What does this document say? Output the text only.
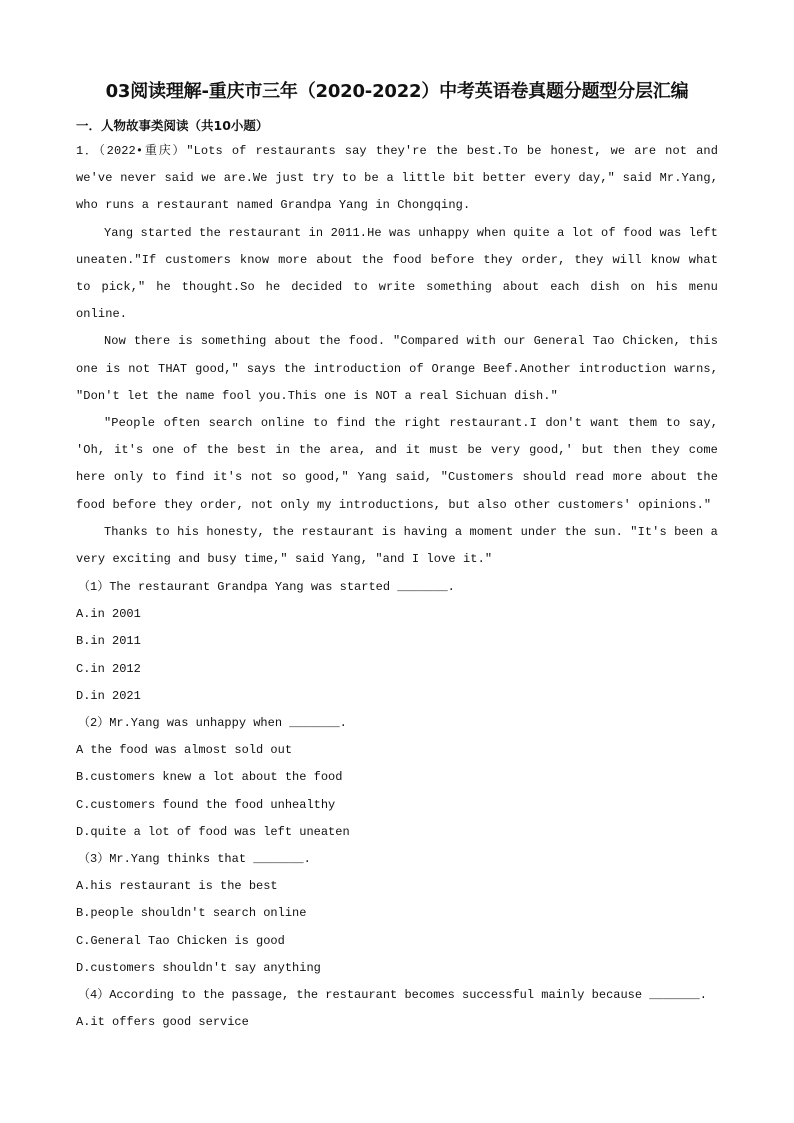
03阅读理解-重庆市三年（2020-2022）中考英语卷真题分题型分层汇编
一．人物故事类阅读（共10小题）

1．（2022•重庆）"Lots of restaurants say they're the best.To be honest, we are not and we've never said we are.We just try to be a little bit better every day," said Mr.Yang, who runs a restaurant named Grandpa Yang in Chongqing.

Yang started the restaurant in 2011.He was unhappy when quite a lot of food was left uneaten."If customers know more about the food before they order, they will know what to pick," he thought.So he decided to write something about each dish on his menu online.

Now there is something about the food. "Compared with our General Tao Chicken, this one is not THAT good," says the introduction of Orange Beef.Another introduction warns, "Don't let the name fool you.This one is NOT a real Sichuan dish."

"People often search online to find the right restaurant.I don't want them to say, 'Oh, it's one of the best in the area, and it must be very good,' but then they come here only to find it's not so good," Yang said, "Customers should read more about the food before they order, not only my introductions, but also other customers' opinions."

Thanks to his honesty, the restaurant is having a moment under the sun. "It's been a very exciting and busy time," said Yang, "and I love it."

（1）The restaurant Grandpa Yang was started _______.
A.in 2001
B.in 2011
C.in 2012
D.in 2021
（2）Mr.Yang was unhappy when _______.
A the food was almost sold out
B.customers knew a lot about the food
C.customers found the food unhealthy
D.quite a lot of food was left uneaten
（3）Mr.Yang thinks that _______.
A.his restaurant is the best
B.people shouldn't search online
C.General Tao Chicken is good
D.customers shouldn't say anything
（4）According to the passage, the restaurant becomes successful mainly because _______.
A.it offers good service
